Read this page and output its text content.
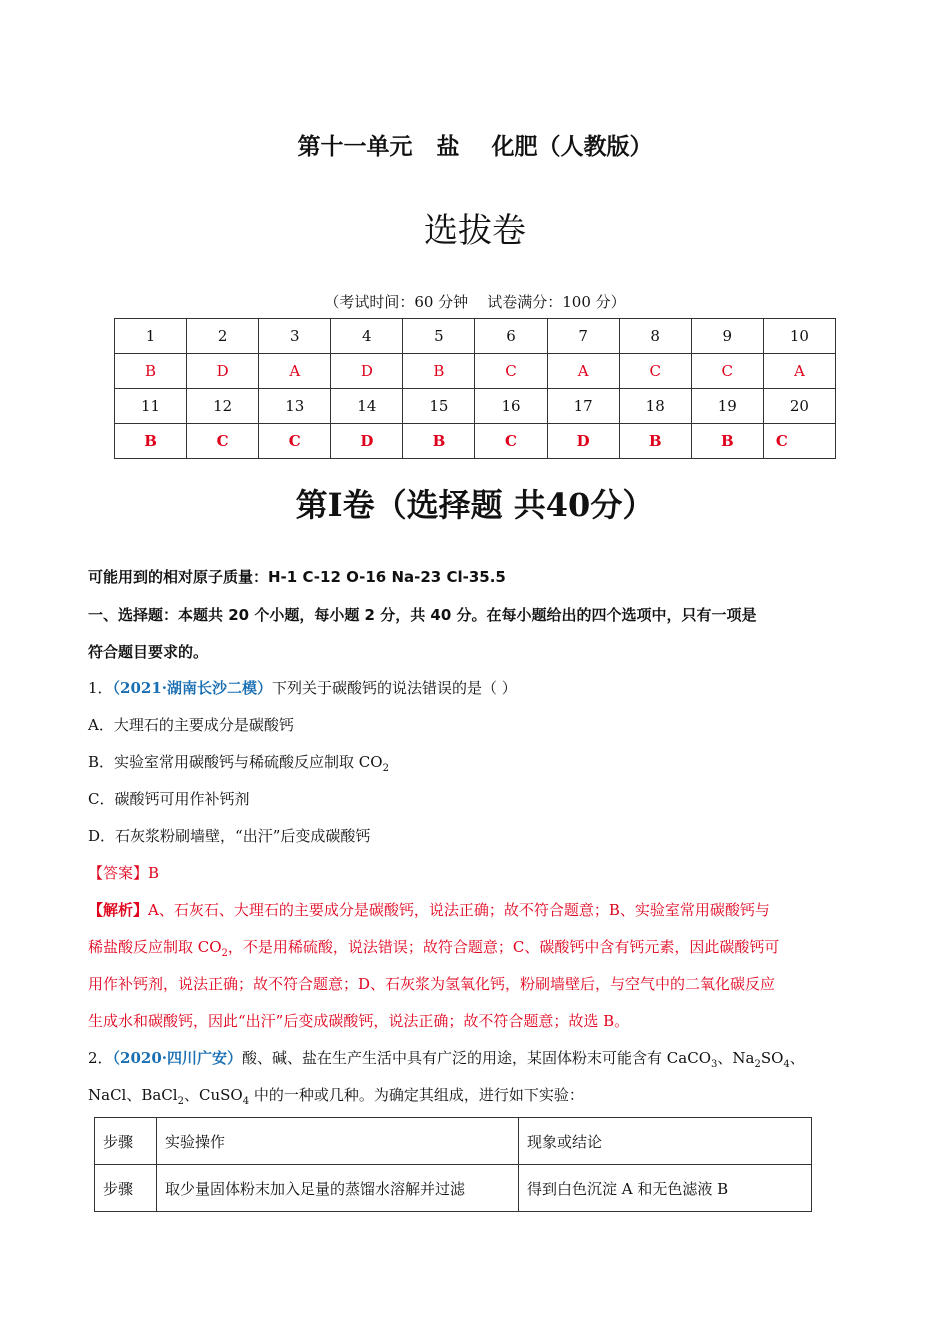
第十一单元   盐    化肥（人教版）
选拔卷
（考试时间：60 分钟    试卷满分：100 分）
1	2	3	4	5	6	7	8	9	10
B	D	A	D	B	C	A	C	C	A
11	12	13	14	15	16	17	18	19	20
B	C	C	D	B	C	D	B	B	C
第Ⅰ卷（选择题 共40分）
可能用到的相对原子质量：H-1 C-12 O-16 Na-23 Cl-35.5
一、选择题：本题共 20 个小题，每小题 2 分，共 40 分。在每小题给出的四个选项中，只有一项是
符合题目要求的。
1．（2021·湖南长沙二模）下列关于碳酸钙的说法错误的是（ ）
A．大理石的主要成分是碳酸钙
B．实验室常用碳酸钙与稀硫酸反应制取 $CO_2$
C．碳酸钙可用作补钙剂
D．石灰浆粉刷墙壁，“出汗”后变成碳酸钙
【答案】B
【解析】A、石灰石、大理石的主要成分是碳酸钙，说法正确；故不符合题意；B、实验室常用碳酸钙与
稀盐酸反应制取 $CO_2$，不是用稀硫酸，说法错误；故符合题意；C、碳酸钙中含有钙元素，因此碳酸钙可
用作补钙剂，说法正确；故不符合题意；D、石灰浆为氢氧化钙，粉刷墙壁后，与空气中的二氧化碳反应
生成水和碳酸钙，因此“出汗”后变成碳酸钙，说法正确；故不符合题意；故选 B。
2．（2020·四川广安）酸、碱、盐在生产生活中具有广泛的用途，某固体粉末可能含有 CaCO$_3$、$Na_2SO_4$、
NaCl、BaCl$_2$、CuSO$_4$ 中的一种或几种。为确定其组成，进行如下实验：
步骤	实验操作	现象或结论
步骤	取少量固体粉末加入足量的蒸馏水溶解并过滤	得到白色沉淀 A 和无色滤液 B
